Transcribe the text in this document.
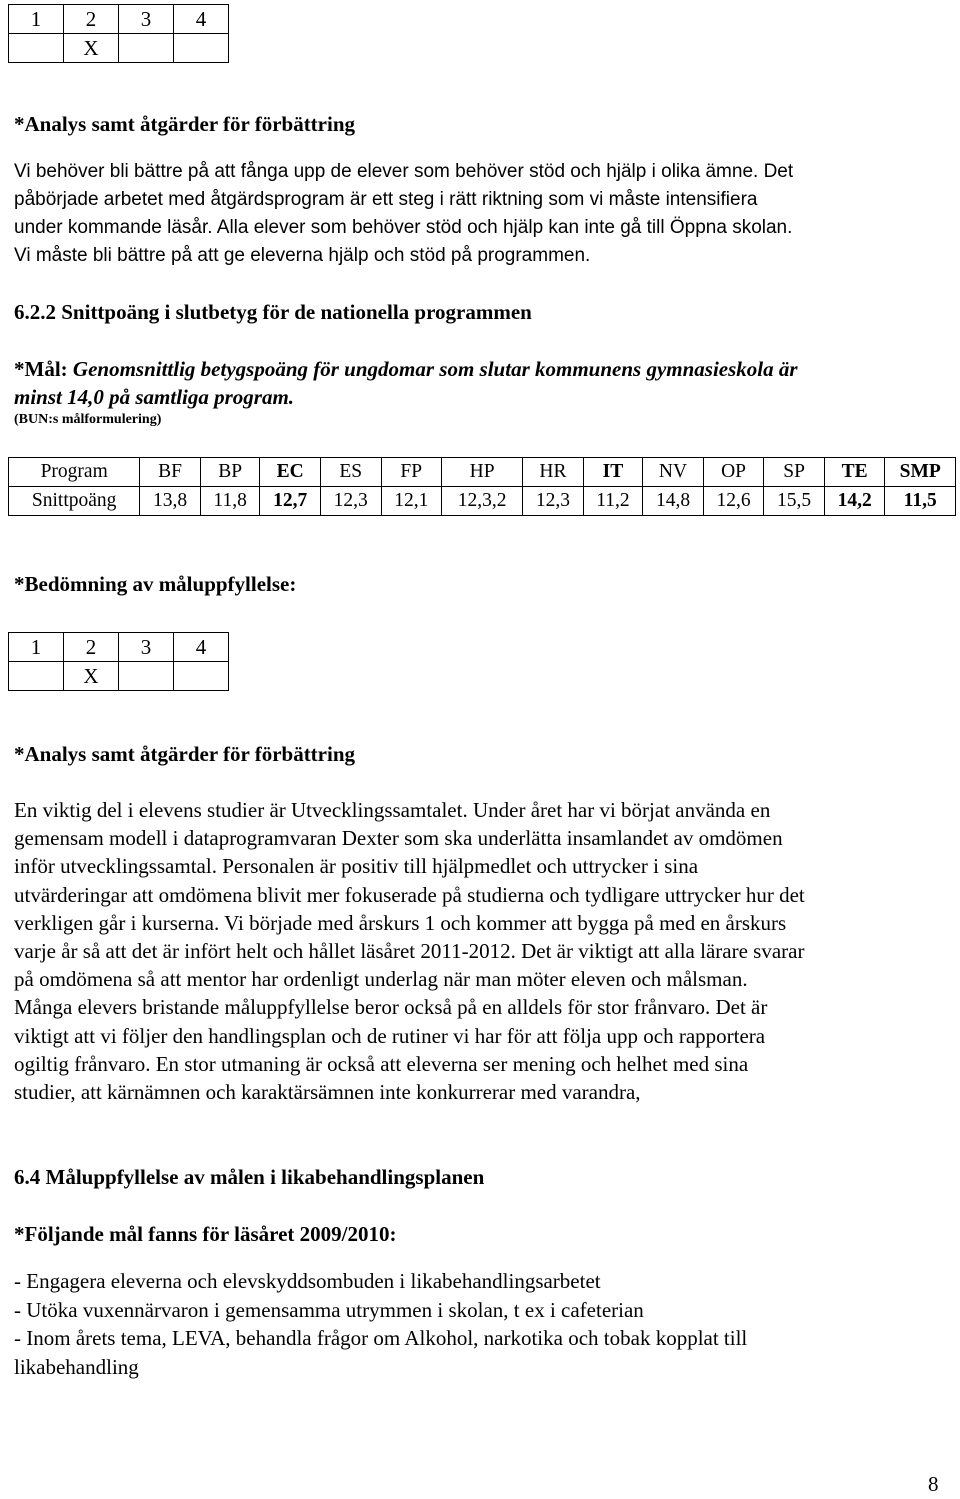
1	2	3	4
	X		
*Analys samt åtgärder för förbättring

Vi behöver bli bättre på att fånga upp de elever som behöver stöd och hjälp i olika ämne. Det

påbörjade arbetet med åtgärdsprogram är ett steg i rätt riktning som vi måste intensifiera

under kommande läsår. Alla elever som behöver stöd och hjälp kan inte gå till Öppna skolan.

Vi måste bli bättre på att ge eleverna hjälp och stöd på programmen.

6.2.2 Snittpoäng i slutbetyg för de nationella programmen
*Mål: Genomsnittlig betygspoäng för ungdomar som slutar kommunens gymnasieskola är
minst 14,0 på samtliga program.
(BUN:s målformulering)
Program	BF	BP	EC	ES	FP	HP	HR	IT	NV	OP	SP	TE	SMP
Snittpoäng	13,8	11,8	12,7	12,3	12,1	12,3,2	12,3	11,2	14,8	12,6	15,5	14,2	11,5
*Bedömning av måluppfyllelse:
1	2	3	4
	X		
*Analys samt åtgärder för förbättring

En viktig del i elevens studier är Utvecklingssamtalet. Under året har vi börjat använda en

gemensam modell i dataprogramvaran Dexter som ska underlätta insamlandet av omdömen

inför utvecklingssamtal. Personalen är positiv till hjälpmedlet och uttrycker i sina

utvärderingar att omdömena blivit mer fokuserade på studierna och tydligare uttrycker hur det

verkligen går i kurserna. Vi började med årskurs 1 och kommer att bygga på med en årskurs

varje år så att det är infört helt och hållet läsåret 2011-2012. Det är viktigt att alla lärare svarar

på omdömena så att mentor har ordenligt underlag när man möter eleven och målsman.

Många elevers bristande måluppfyllelse beror också på en alldels för stor frånvaro. Det är

viktigt att vi följer den handlingsplan och de rutiner vi har för att följa upp och rapportera

ogiltig frånvaro. En stor utmaning är också att eleverna ser mening och helhet med sina

studier, att kärnämnen och karaktärsämnen inte konkurrerar med varandra,

6.4 Måluppfyllelse av målen i likabehandlingsplanen
*Följande mål fanns för läsåret 2009/2010:

- Engagera eleverna och elevskyddsombuden i likabehandlingsarbetet

- Utöka vuxennärvaron i gemensamma utrymmen i skolan, t ex i cafeterian

- Inom årets tema, LEVA, behandla frågor om Alkohol, narkotika och tobak kopplat till

likabehandling

8
